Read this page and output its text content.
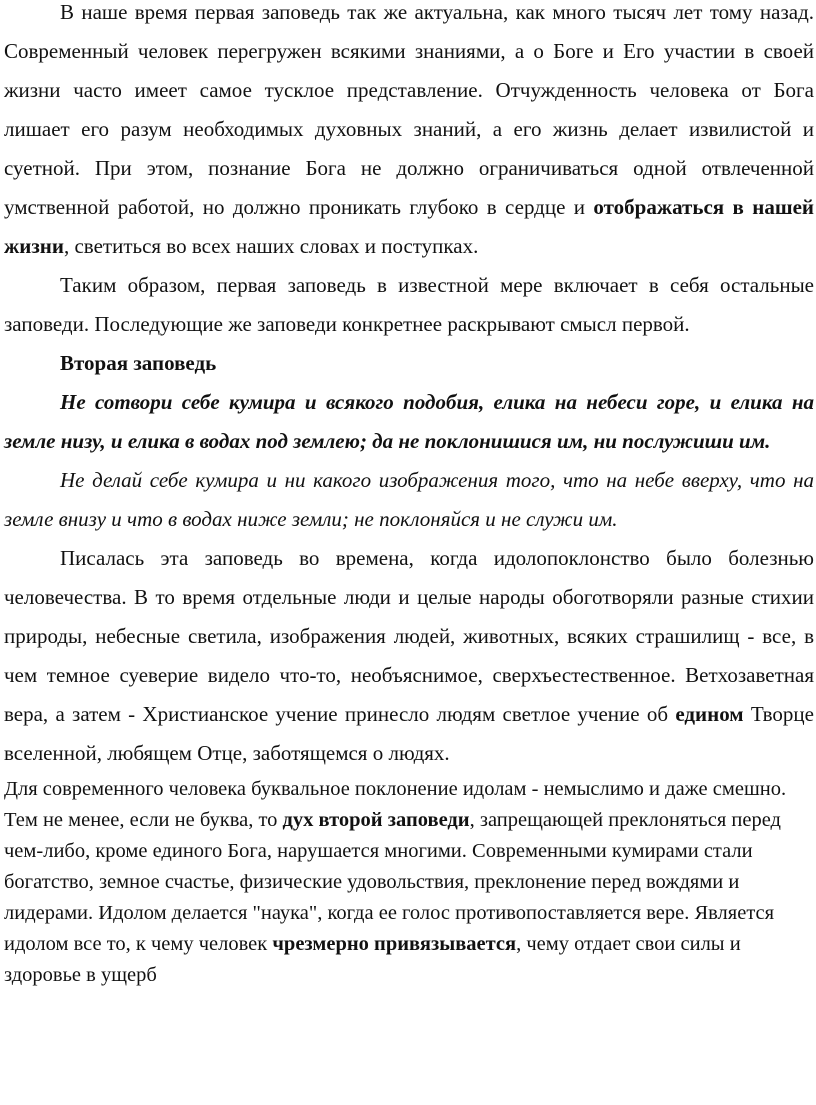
В наше время первая заповедь так же актуальна, как много тысяч лет тому назад. Современный человек перегружен всякими знаниями, а о Боге и Его участии в своей жизни часто имеет самое тусклое представление. Отчужденность человека от Бога лишает его разум необходимых духовных знаний, а его жизнь делает извилистой и суетной. При этом, познание Бога не должно ограничиваться одной отвлеченной умственной работой, но должно проникать глубоко в сердце и отображаться в нашей жизни, светиться во всех наших словах и поступках.

Таким образом, первая заповедь в известной мере включает в себя остальные заповеди. Последующие же заповеди конкретнее раскрывают смысл первой.

Вторая заповедь

Не сотвори себе кумира и всякого подобия, елика на небеси горе, и елика на земле низу, и елика в водах под землею; да не поклонишися им, ни послужиши им.

Не делай себе кумира и ни какого изображения того, что на небе вверху, что на земле внизу и что в водах ниже земли; не поклоняйся и не служи им.

Писалась эта заповедь во времена, когда идолопоклонство было болезнью человечества. В то время отдельные люди и целые народы обоготворяли разные стихии природы, небесные светила, изображения людей, животных, всяких страшилищ - все, в чем темное суеверие видело что-то, необъяснимое, сверхъестественное. Ветхозаветная вера, а затем - Христианское учение принесло людям светлое учение об едином Творце вселенной, любящем Отце, заботящемся о людях.

Для современного человека буквальное поклонение идолам - немыслимо и даже смешно. Тем не менее, если не буква, то дух второй заповеди, запрещающей преклоняться перед чем-либо, кроме единого Бога, нарушается многими. Современными кумирами стали богатство, земное счастье, физические удовольствия, преклонение перед вождями и лидерами. Идолом делается "наука", когда ее голос противопоставляется вере. Является идолом все то, к чему человек чрезмерно привязывается, чему отдает свои силы и здоровье в ущерб
